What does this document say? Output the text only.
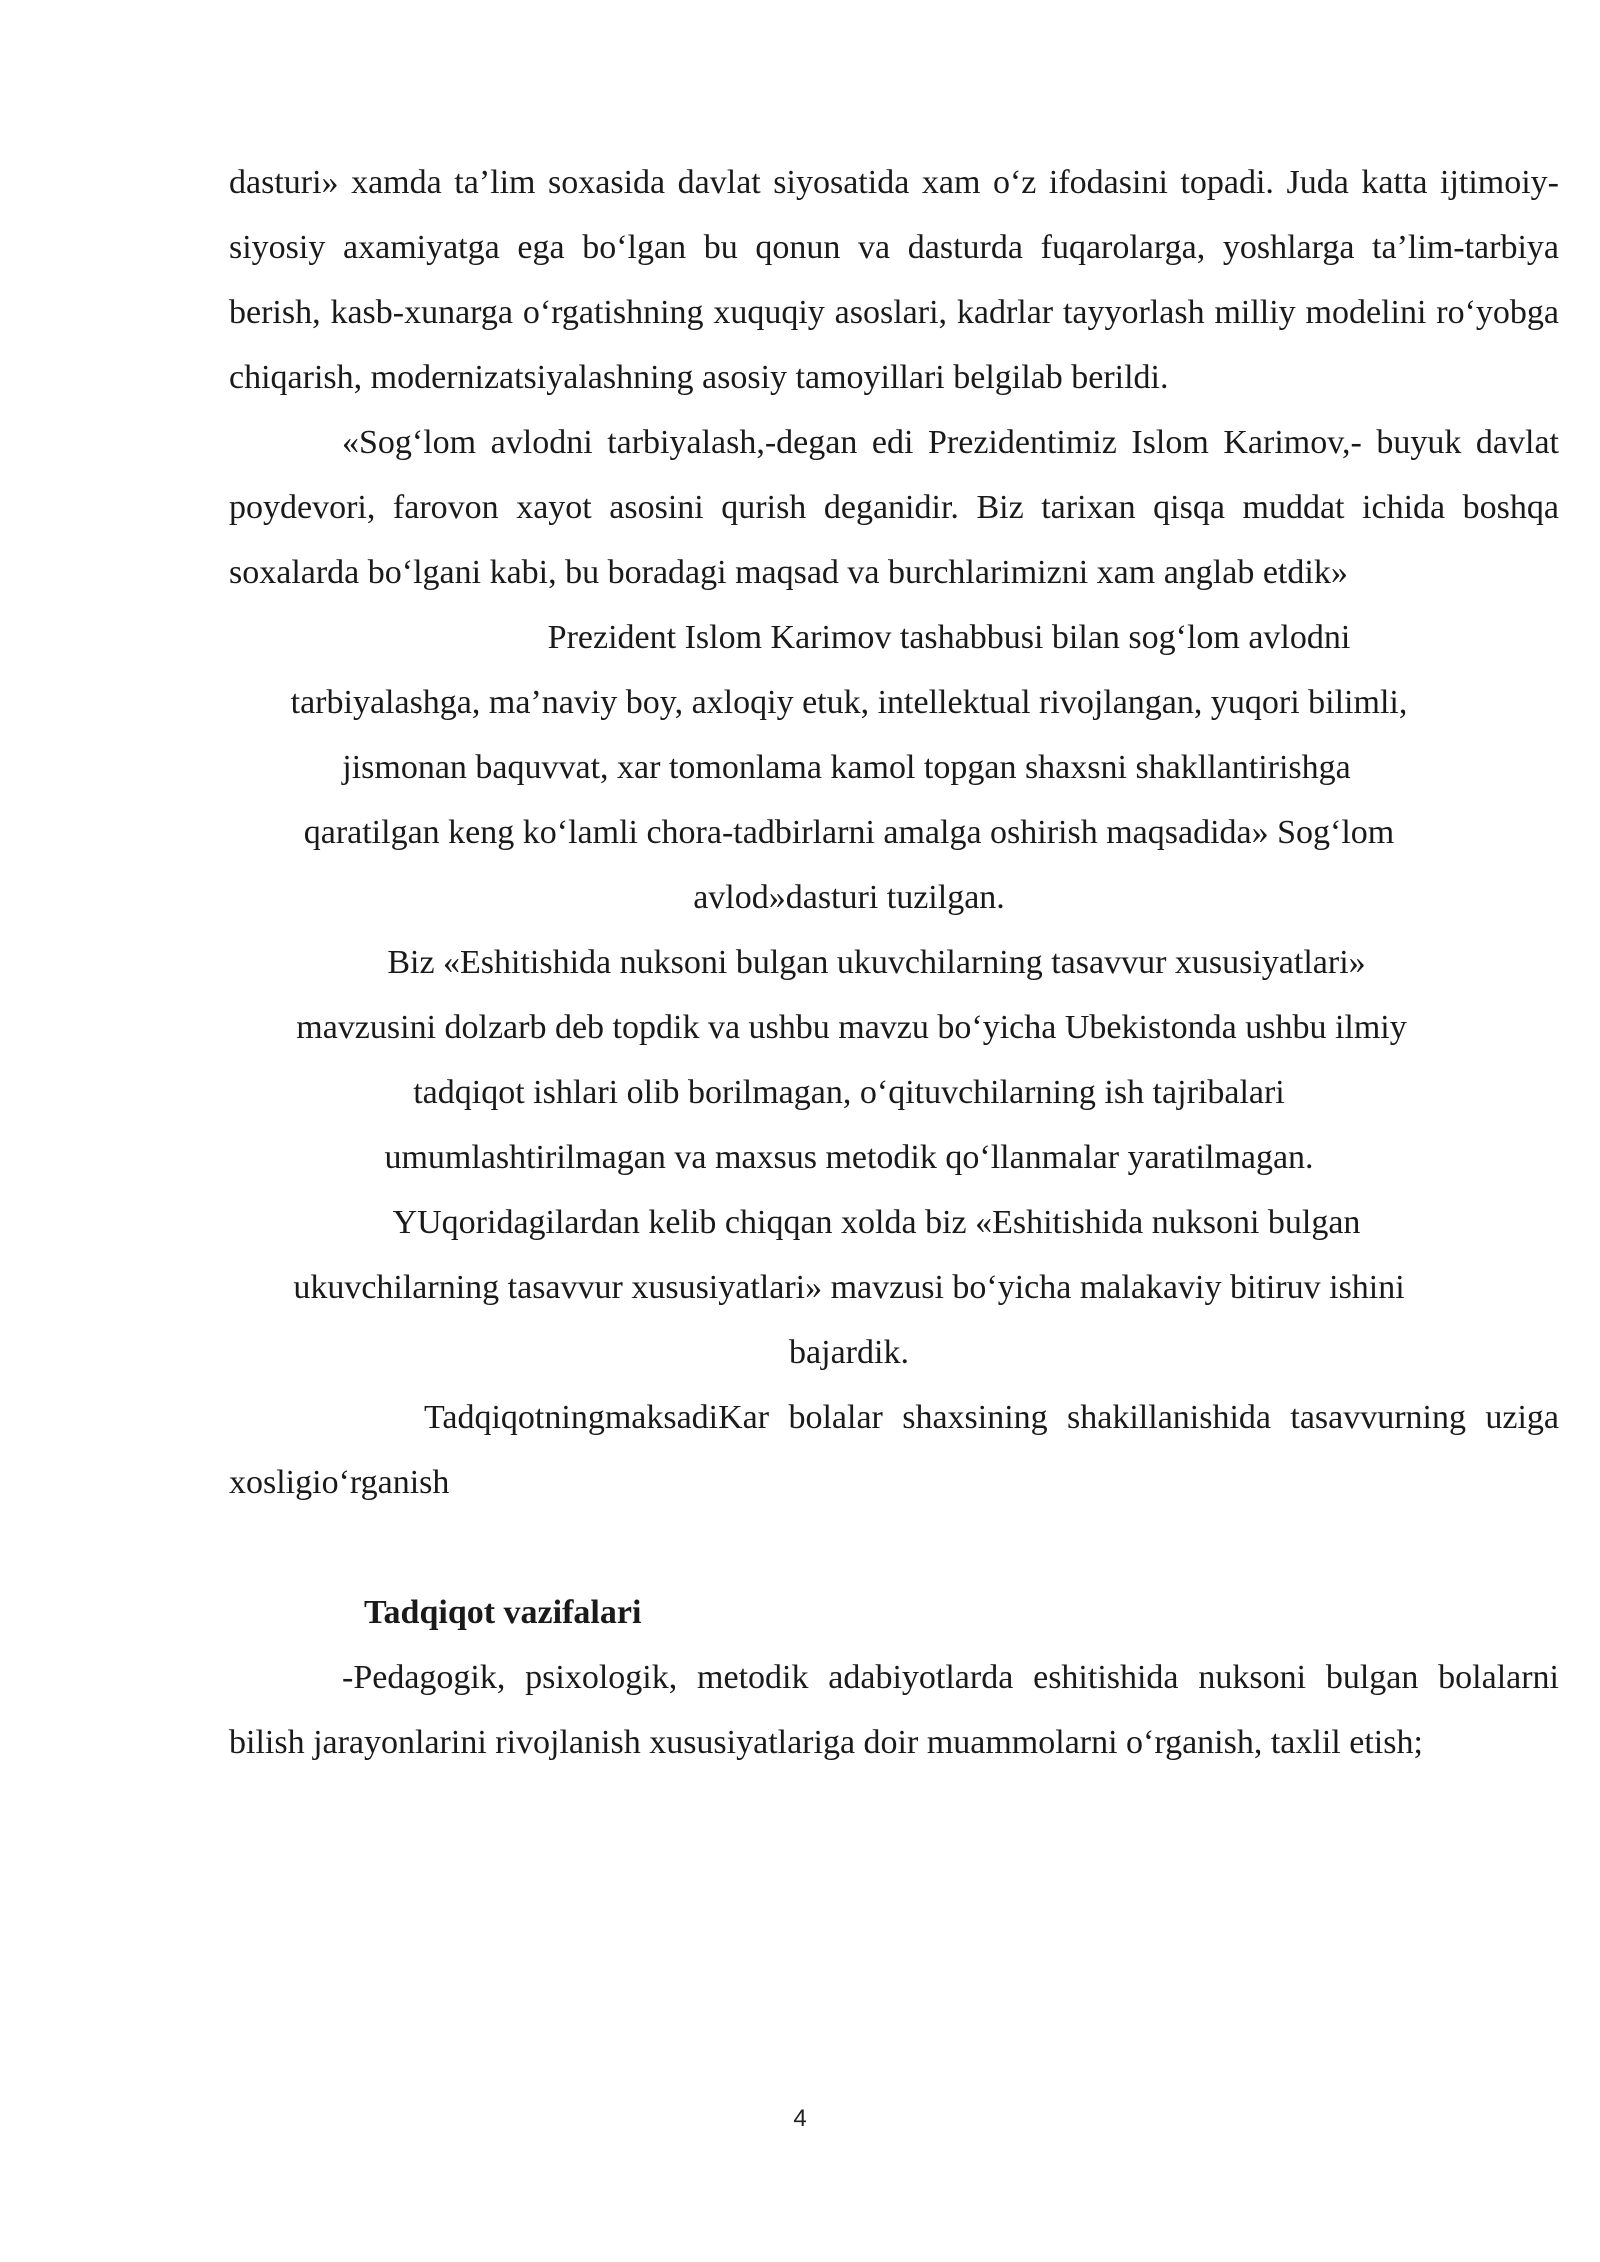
dasturi» xamda ta’lim soxasida davlat siyosatida xam o‘z ifodasini topadi. Juda katta ijtimoiy-siyosiy axamiyatga ega bo‘lgan bu qonun va dasturda fuqarolarga, yoshlarga ta’lim-tarbiya berish, kasb-xunarga o‘rgatishning xuquqiy asoslari, kadrlar tayyorlash milliy modelini ro‘yobga chiqarish, modernizatsiyalashning asosiy tamoyillari belgilab berildi.

«Sog‘lom avlodni tarbiyalash,-degan edi Prezidentimiz Islom Karimov,- buyuk davlat poydevori, farovon xayot asosini qurish deganidir. Biz tarixan qisqa muddat ichida boshqa soxalarda bo‘lgani kabi, bu boradagi maqsad va burchlarimizni xam anglab etdik»

Prezident Islom Karimov tashabbusi bilan sog‘lom avlodni

tarbiyalashga, ma’naviy boy, axloqiy etuk, intellektual rivojlangan, yuqori bilimli,

jismonan baquvvat, xar tomonlama kamol topgan shaxsni shakllantirishga

qaratilgan keng ko‘lamli chora-tadbirlarni amalga oshirish maqsadida» Sog‘lom

avlod»dasturi tuzilgan.

Biz «Eshitishida nuksoni bulgan ukuvchilarning tasavvur xususiyatlari»

mavzusini dolzarb deb topdik va ushbu mavzu bo‘yicha Ubekistonda ushbu ilmiy

tadqiqot ishlari olib borilmagan, o‘qituvchilarning ish tajribalari

umumlashtirilmagan va maxsus metodik qo‘llanmalar yaratilmagan.

YUqoridagilardan kelib chiqqan xolda biz «Eshitishida nuksoni bulgan

ukuvchilarning tasavvur xususiyatlari» mavzusi bo‘yicha malakaviy bitiruv ishini

bajardik.

TadqiqotningmaksadiKar bolalar shaxsining shakillanishida tasavvurning uziga xosligio‘rganish

Tadqiqot vazifalari

-Pedagogik, psixologik, metodik adabiyotlarda eshitishida nuksoni bulgan bolalarni bilish jarayonlarini rivojlanish xususiyatlariga doir muammolarni o‘rganish, taxlil etish;

4
